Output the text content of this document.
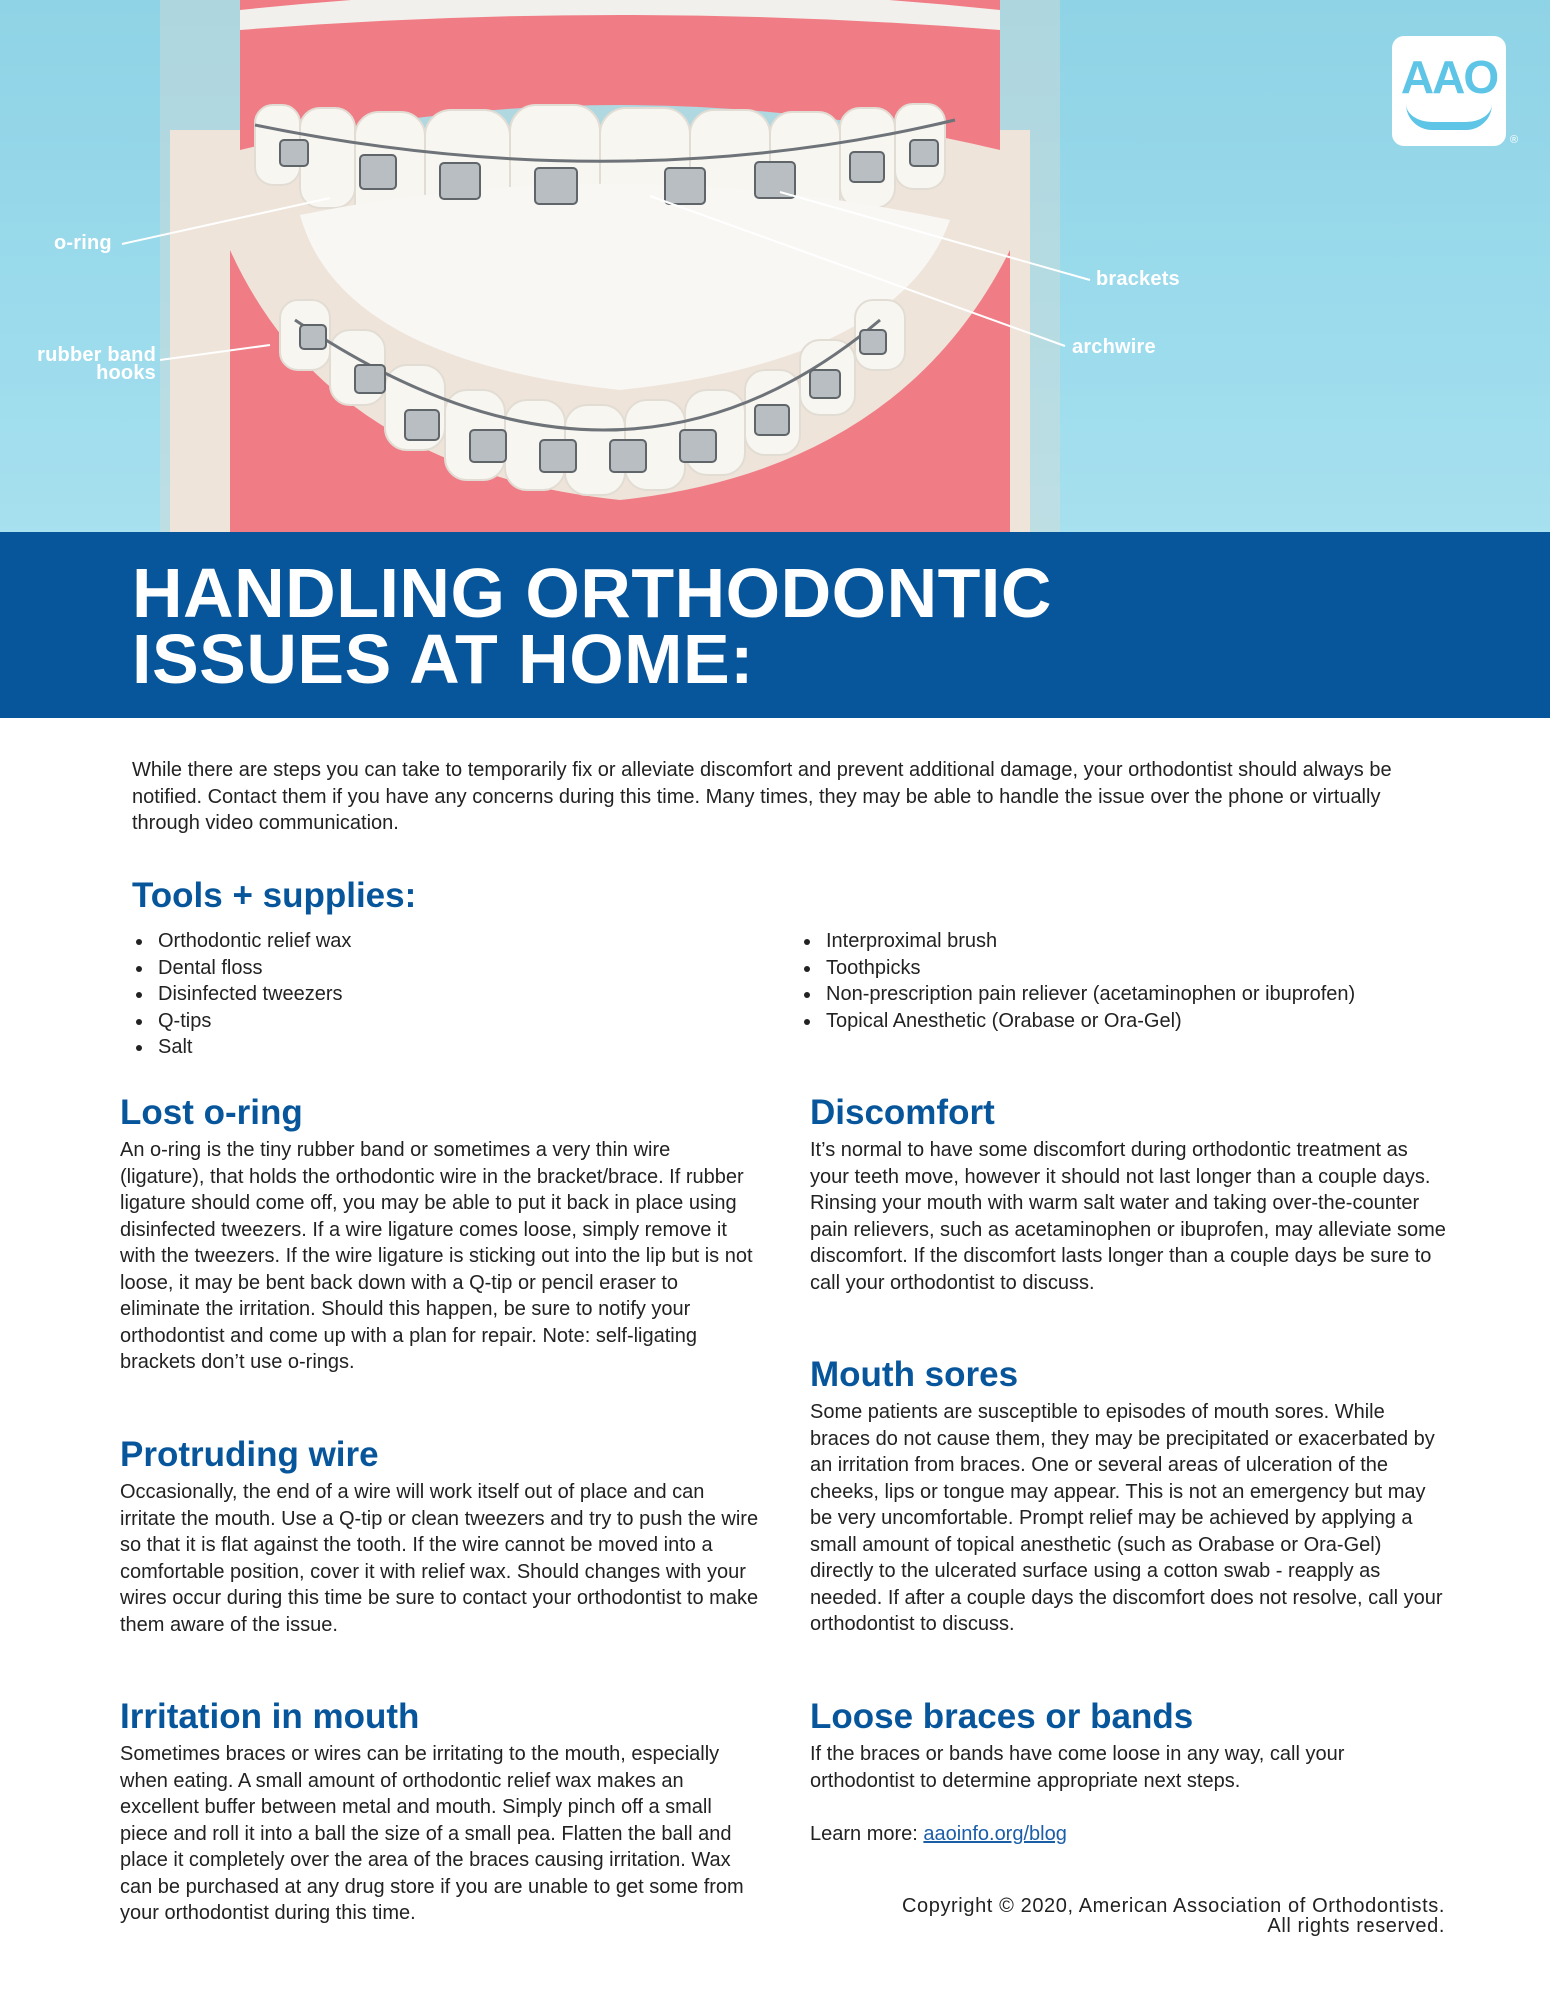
o-ring
rubber band
hooks
brackets
archwire
AAO
®
HANDLING ORTHODONTIC
ISSUES AT HOME:

While there are steps you can take to temporarily fix or alleviate discomfort and prevent additional damage, your orthodontist should always be notified. Contact them if you have any concerns during this time. Many times, they may be able to handle the issue over the phone or virtually through video communication.

Tools + supplies:
Orthodontic relief wax
Dental floss
Disinfected tweezers
Q-tips
Salt
Interproximal brush
Toothpicks
Non-prescription pain reliever (acetaminophen or ibuprofen)
Topical Anesthetic (Orabase or Ora-Gel)
Lost o-ring

An o-ring is the tiny rubber band or sometimes a very thin wire (ligature), that holds the orthodontic wire in the bracket/brace. If rubber ligature should come off, you may be able to put it back in place using disinfected tweezers. If a wire ligature comes loose, simply remove it with the tweezers. If the wire ligature is sticking out into the lip but is not loose, it may be bent back down with a Q-tip or pencil eraser to eliminate the irritation. Should this happen, be sure to notify your orthodontist and come up with a plan for repair. Note: self-ligating brackets don’t use o-rings.

Protruding wire

Occasionally, the end of a wire will work itself out of place and can irritate the mouth. Use a Q-tip or clean tweezers and try to push the wire so that it is flat against the tooth. If the wire cannot be moved into a comfortable position, cover it with relief wax. Should changes with your wires occur during this time be sure to contact your orthodontist to make them aware of the issue.

Irritation in mouth

Sometimes braces or wires can be irritating to the mouth, especially when eating. A small amount of orthodontic relief wax makes an excellent buffer between metal and mouth. Simply pinch off a small piece and roll it into a ball the size of a small pea. Flatten the ball and place it completely over the area of the braces causing irritation. Wax can be purchased at any drug store if you are unable to get some from your orthodontist during this time.

Discomfort

It’s normal to have some discomfort during orthodontic treatment as your teeth move, however it should not last longer than a couple days. Rinsing your mouth with warm salt water and taking over-the-counter pain relievers, such as acetaminophen or ibuprofen, may alleviate some discomfort. If the discomfort lasts longer than a couple days be sure to call your orthodontist to discuss.

Mouth sores

Some patients are susceptible to episodes of mouth sores. While braces do not cause them, they may be precipitated or exacerbated by an irritation from braces. One or several areas of ulceration of the cheeks, lips or tongue may appear. This is not an emergency but may be very uncomfortable. Prompt relief may be achieved by applying a small amount of topical anesthetic (such as Orabase or Ora-Gel) directly to the ulcerated surface using a cotton swab - reapply as needed. If after a couple days the discomfort does not resolve, call your orthodontist to discuss.

Loose braces or bands

If the braces or bands have come loose in any way, call your orthodontist to determine appropriate next steps.

Learn more: aaoinfo.org/blog

Copyright © 2020, American Association of Orthodontists.
All rights reserved.
